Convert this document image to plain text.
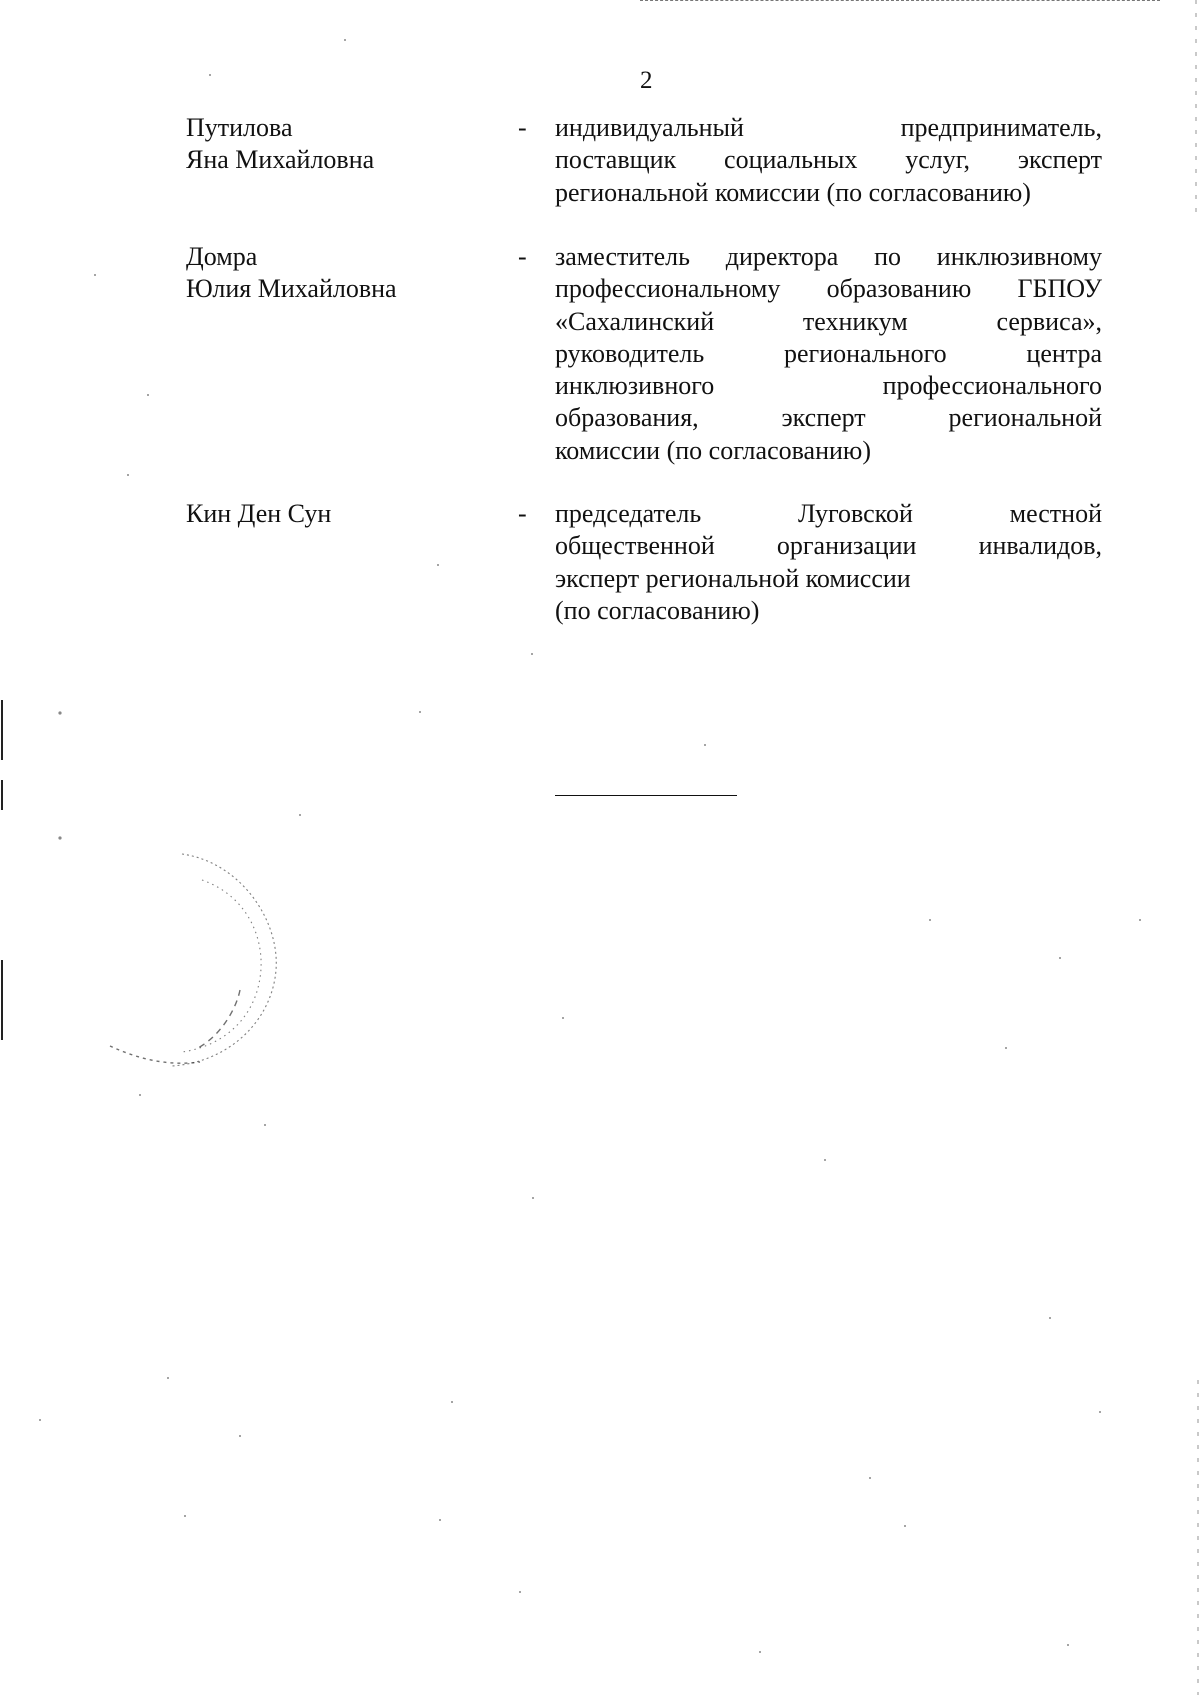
2
Путилова
Яна Михайловна
- индивидуальный предприниматель,
поставщик социальных услуг, эксперт
региональной комиссии (по согласованию)
Домра
Юлия Михайловна
- заместитель директора по инклюзивному
профессиональному образованию ГБПОУ
«Сахалинский техникум сервиса»,
руководитель регионального центра
инклюзивного профессионального
образования, эксперт региональной
комиссии (по согласованию)
Кин Ден Сун	- председатель Луговской местной
общественной организации инвалидов,
эксперт региональной комиссии
(по согласованию)
